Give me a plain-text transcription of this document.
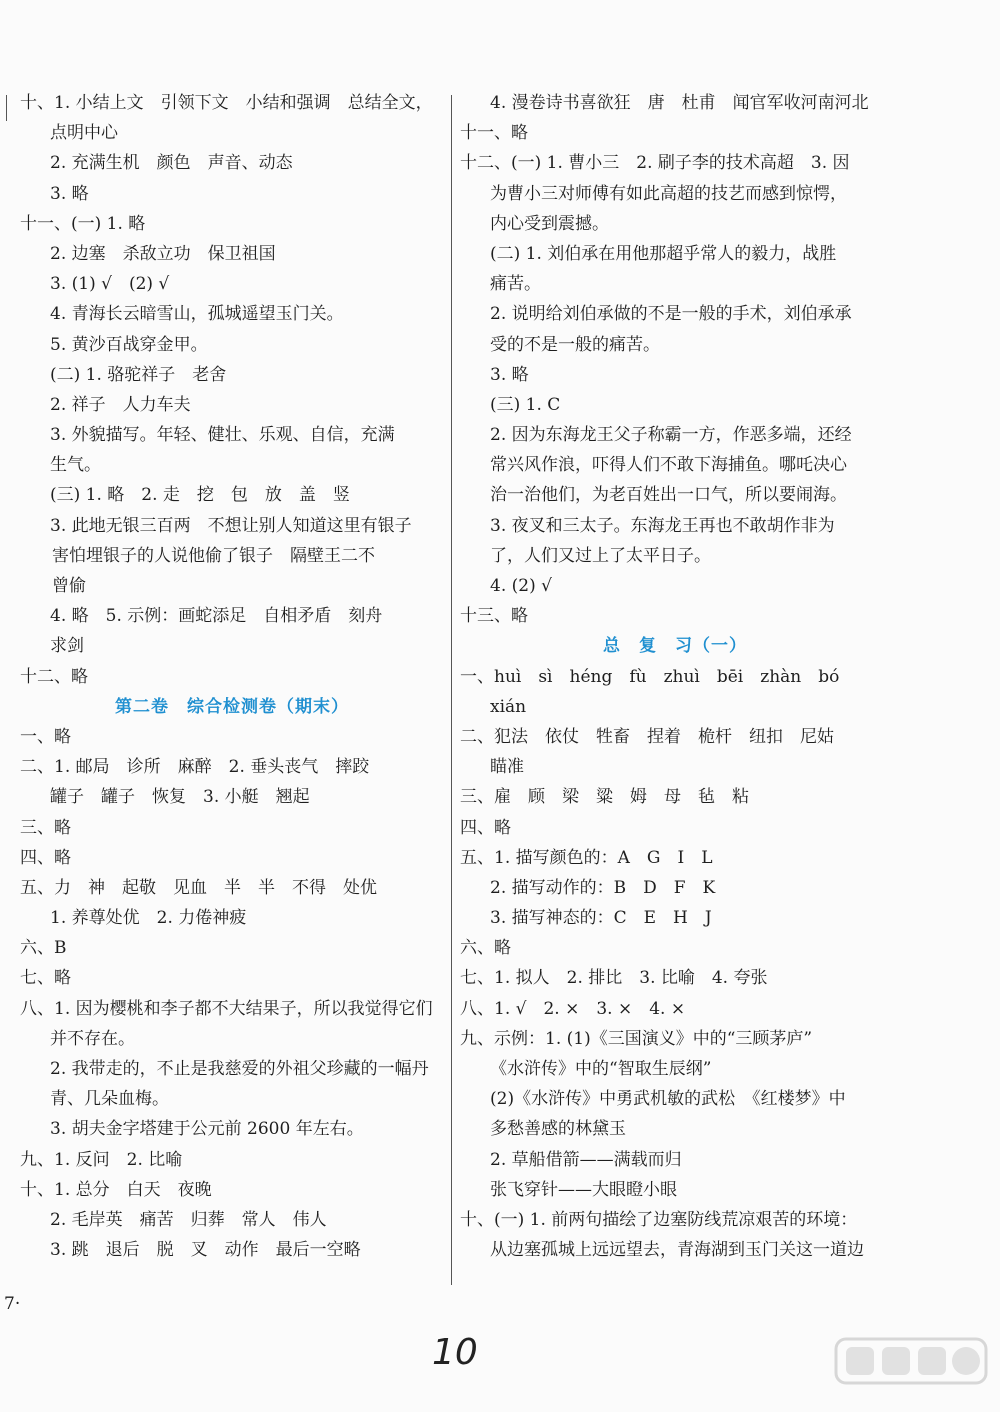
十、1. 小结上文　引领下文　小结和强调　总结全文，
点明中心
2. 充满生机　颜色　声音、动态
3. 略
十一、(一) 1. 略
2. 边塞　杀敌立功　保卫祖国
3. (1) √　(2) √
4. 青海长云暗雪山，孤城遥望玉门关。
5. 黄沙百战穿金甲。
(二) 1. 骆驼祥子　老舍
2. 祥子　人力车夫
3. 外貌描写。年轻、健壮、乐观、自信，充满
生气。
(三) 1. 略　2. 走　挖　包　放　盖　竖
3. 此地无银三百两　不想让别人知道这里有银子
害怕埋银子的人说他偷了银子　隔壁王二不
曾偷
4. 略　5. 示例：画蛇添足　自相矛盾　刻舟
求剑
十二、略
第二卷　综合检测卷（期末）
一、略
二、1. 邮局　诊所　麻醉　2. 垂头丧气　摔跤
罐子　罐子　恢复　3. 小艇　翘起
三、略
四、略
五、力　神　起敬　见血　半　半　不得　处优
1. 养尊处优　2. 力倦神疲
六、B
七、略
八、1. 因为樱桃和李子都不大结果子，所以我觉得它们
并不存在。
2. 我带走的，不止是我慈爱的外祖父珍藏的一幅丹
青、几朵血梅。
3. 胡夫金字塔建于公元前 2600 年左右。
九、1. 反问　2. 比喻
十、1. 总分　白天　夜晚
2. 毛岸英　痛苦　归葬　常人　伟人
3. 跳　退后　脱　叉　动作　最后一空略
4. 漫卷诗书喜欲狂　唐　杜甫　闻官军收河南河北
十一、略
十二、(一) 1. 曹小三　2. 刷子李的技术高超　3. 因
为曹小三对师傅有如此高超的技艺而感到惊愕，
内心受到震撼。
(二) 1. 刘伯承在用他那超乎常人的毅力，战胜
痛苦。
2. 说明给刘伯承做的不是一般的手术，刘伯承承
受的不是一般的痛苦。
3. 略
(三) 1. C
2. 因为东海龙王父子称霸一方，作恶多端，还经
常兴风作浪，吓得人们不敢下海捕鱼。哪吒决心
治一治他们，为老百姓出一口气，所以要闹海。
3. 夜叉和三太子。东海龙王再也不敢胡作非为
了，人们又过上了太平日子。
4. (2) √
十三、略
总　复　习（一）
一、huì　sì　héng　fù　zhuì　bēi　zhàn　bó
xián
二、犯法　依仗　牲畜　捏着　桅杆　纽扣　尼姑
瞄准
三、雇　顾　梁　粱　姆　母　毡　粘
四、略
五、1. 描写颜色的：A　G　I　L
2. 描写动作的：B　D　F　K
3. 描写神态的：C　E　H　J
六、略
七、1. 拟人　2. 排比　3. 比喻　4. 夸张
八、1. √　2. ×　3. ×　4. ×
九、示例：1. (1)《三国演义》中的“三顾茅庐”
《水浒传》中的“智取生辰纲”
(2)《水浒传》中勇武机敏的武松　《红楼梦》中
多愁善感的林黛玉
2. 草船借箭——满载而归
张飞穿针——大眼瞪小眼
十、(一) 1. 前两句描绘了边塞防线荒凉艰苦的环境：
从边塞孤城上远远望去，青海湖到玉门关这一道边
7·
10
